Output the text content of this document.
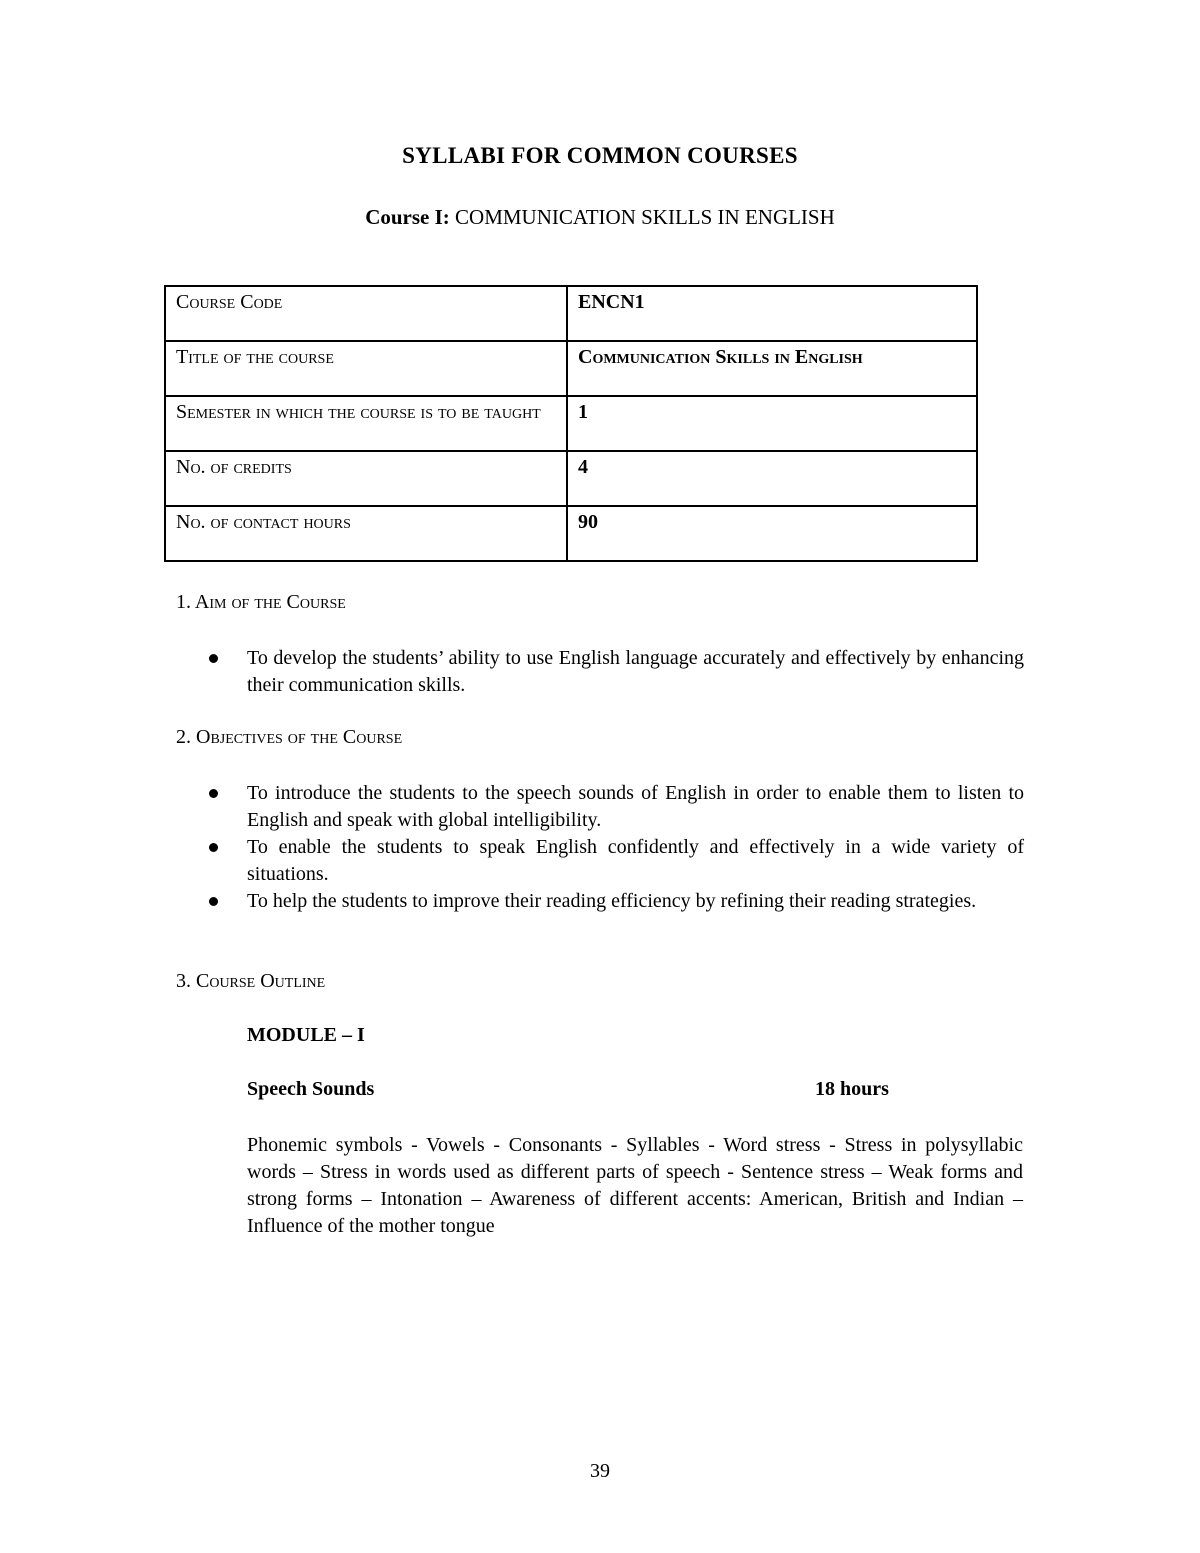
SYLLABI FOR COMMON COURSES
Course I: COMMUNICATION SKILLS IN ENGLISH
Course Code	ENCN1
Title of the course	Communication Skills in English
Semester in which the course is to be taught	1
No. of credits	4
No. of contact hours	90
1. Aim of the Course
To develop the students’ ability to use English language accurately and effectively by enhancing their communication skills.
2. Objectives of the Course
To introduce the students to the speech sounds of English in order to enable them to listen to English and speak with global intelligibility.
To enable the students to speak English confidently and effectively in a wide variety of situations.
To help the students to improve their reading efficiency by refining their reading strategies.
3. Course Outline
MODULE – I
Speech Sounds	18 hours
Phonemic symbols - Vowels - Consonants - Syllables - Word stress - Stress in polysyllabic words – Stress in words used as different parts of speech - Sentence stress – Weak forms and strong forms – Intonation – Awareness of different accents: American, British and Indian – Influence of the mother tongue
39
